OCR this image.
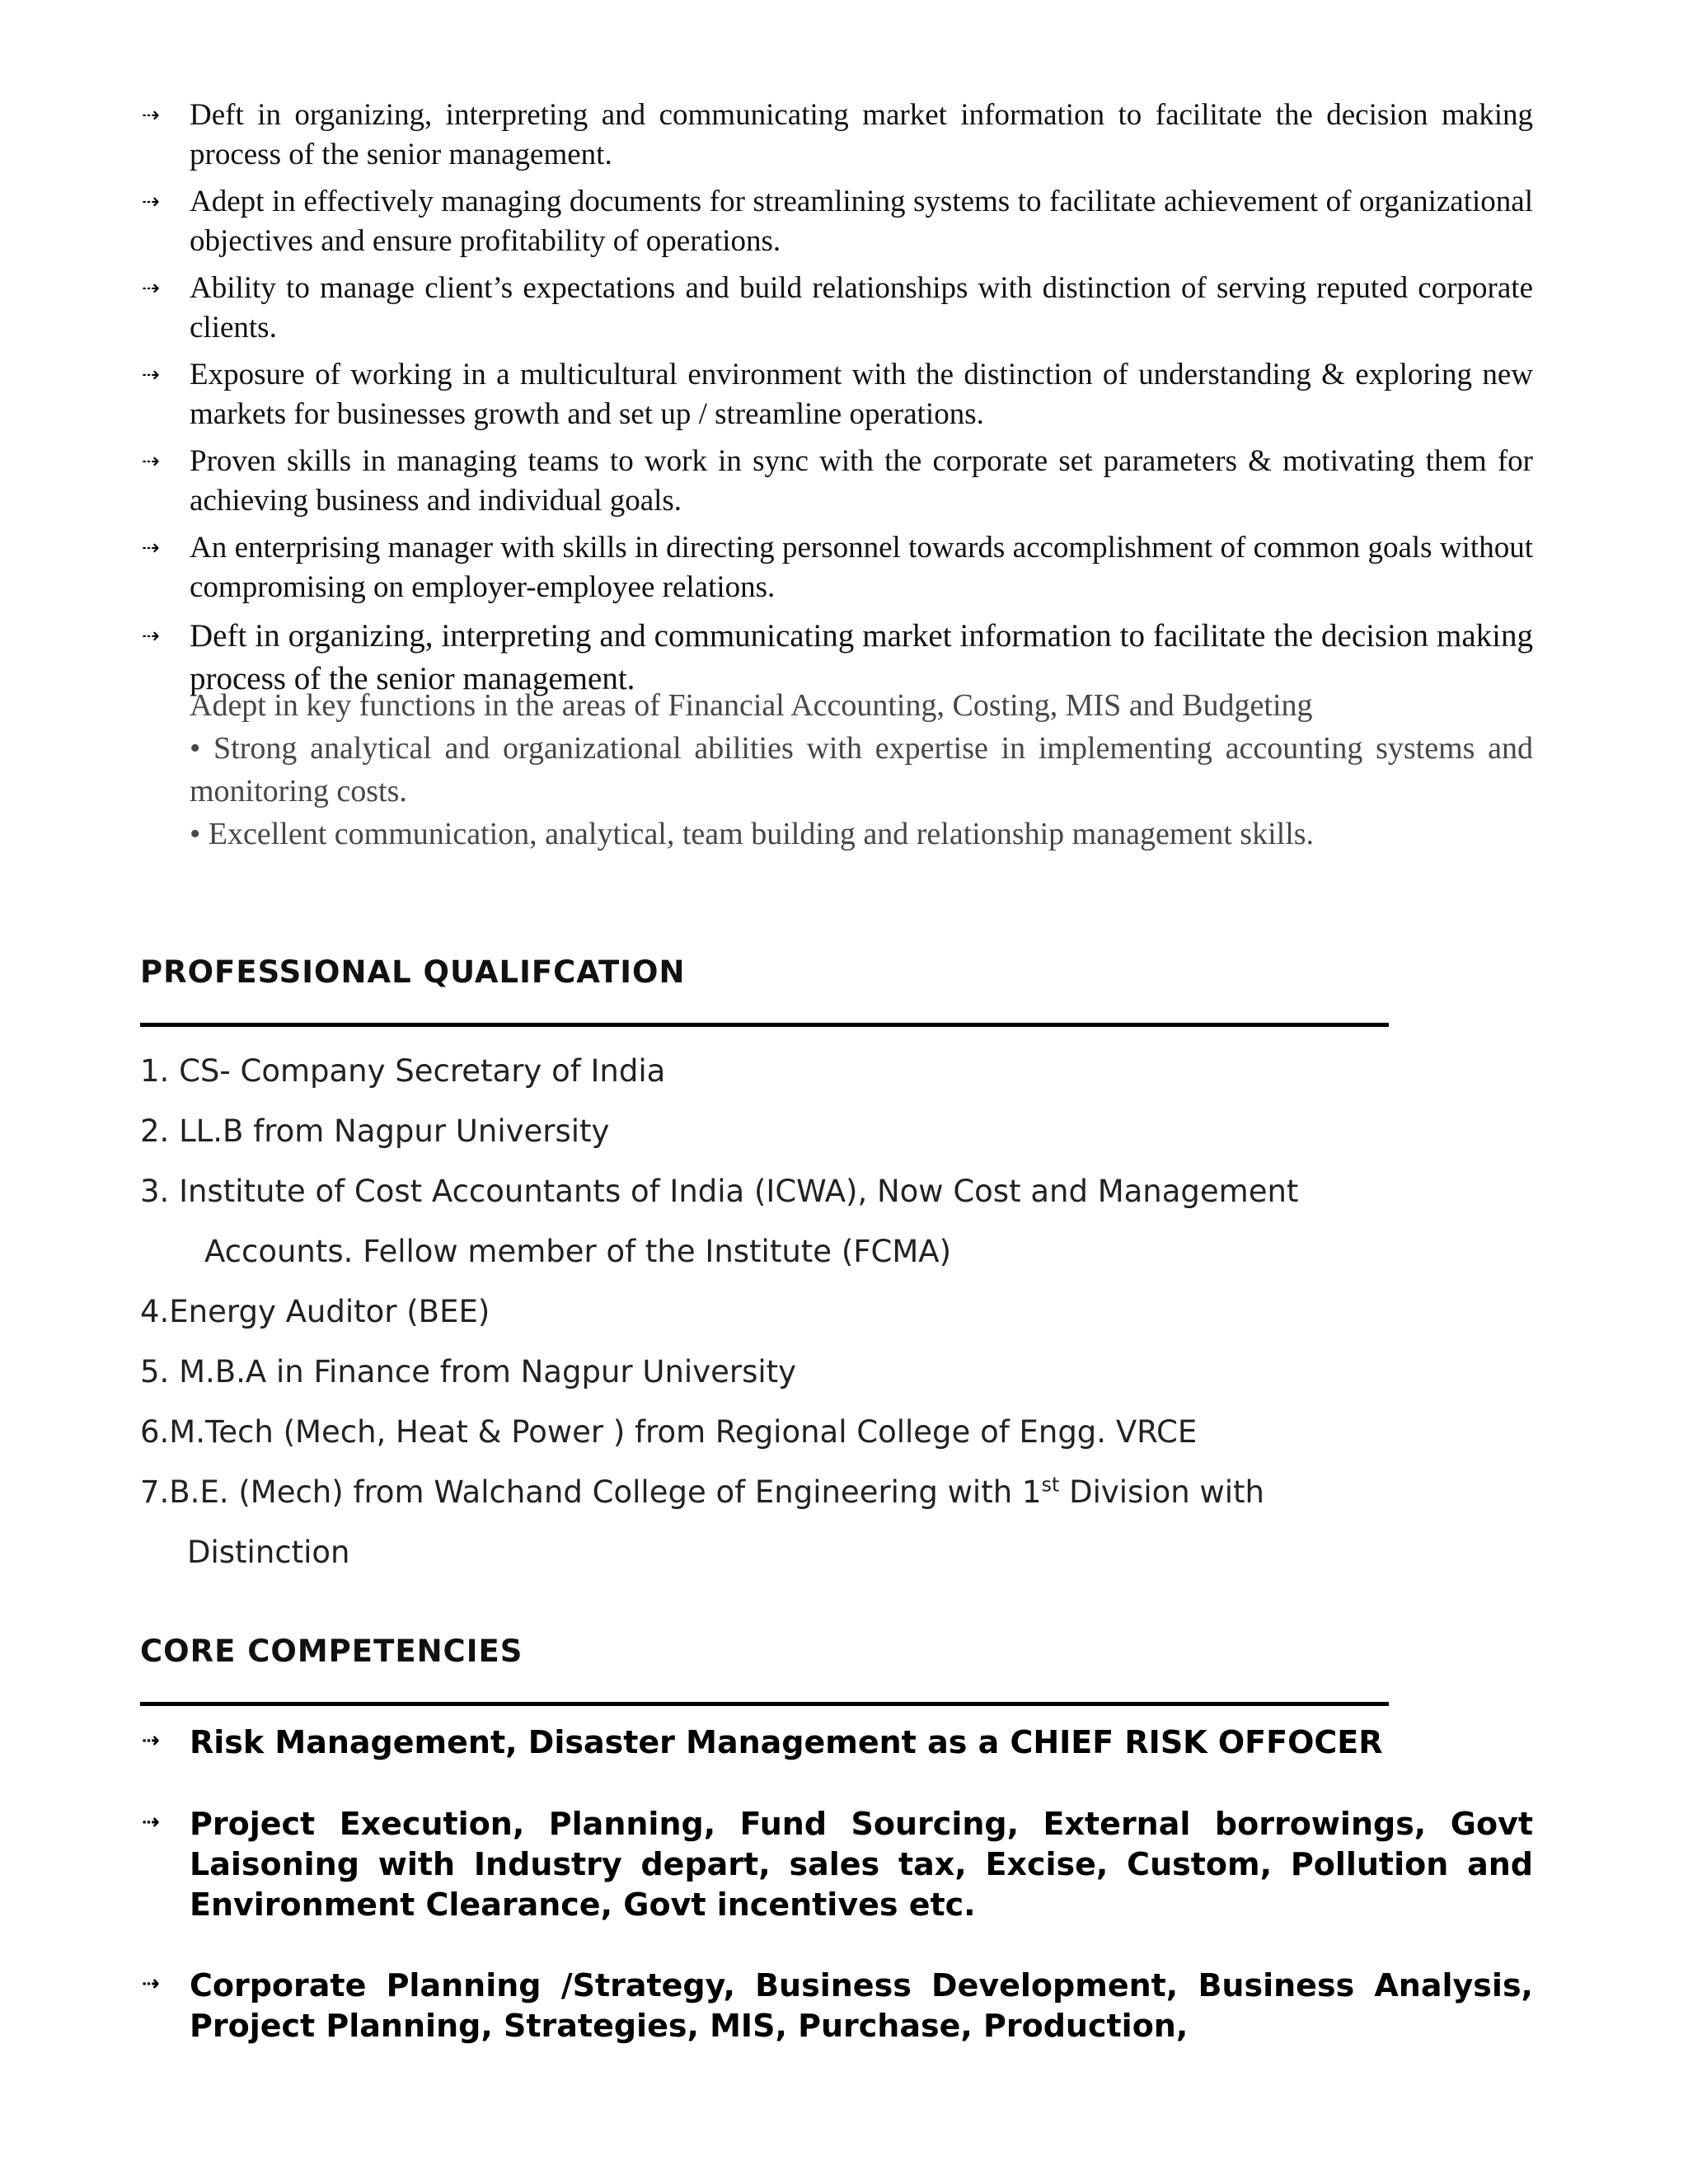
⇢ Deft in organizing, interpreting and communicating market information to facilitate the decision making process of the senior management.
⇢ Adept in effectively managing documents for streamlining systems to facilitate achievement of organizational objectives and ensure profitability of operations.
⇢ Ability to manage client’s expectations and build relationships with distinction of serving reputed corporate clients.
⇢ Exposure of working in a multicultural environment with the distinction of understanding & exploring new markets for businesses growth and set up / streamline operations.
⇢ Proven skills in managing teams to work in sync with the corporate set parameters & motivating them for achieving business and individual goals.
⇢ An enterprising manager with skills in directing personnel towards accomplishment of common goals without compromising on employer-employee relations.
⇢ Deft in organizing, interpreting and communicating market information to facilitate the decision making process of the senior management.

Adept in key functions in the areas of Financial Accounting, Costing, MIS and Budgeting

• Strong analytical and organizational abilities with expertise in implementing accounting systems and monitoring costs.

• Excellent communication, analytical, team building and relationship management skills.

PROFESSIONAL QUALIFCATION
1. CS- Company Secretary of India
2. LL.B from Nagpur University
3. Institute of Cost Accountants of India (ICWA), Now Cost and Management
Accounts. Fellow member of the Institute (FCMA)
4.Energy Auditor (BEE)
5. M.B.A in Finance from Nagpur University
6.M.Tech (Mech, Heat & Power ) from Regional College of Engg. VRCE
7.B.E. (Mech) from Walchand College of Engineering with 1st Division with
Distinction
CORE COMPETENCIES
⇢ Risk Management, Disaster Management as a CHIEF RISK OFFOCER
⇢ Project Execution, Planning, Fund Sourcing, External borrowings, Govt Laisoning with Industry depart, sales tax, Excise, Custom, Pollution and Environment Clearance, Govt incentives etc.
⇢ Corporate Planning /Strategy, Business Development, Business Analysis, Project Planning, Strategies, MIS, Purchase, Production,
